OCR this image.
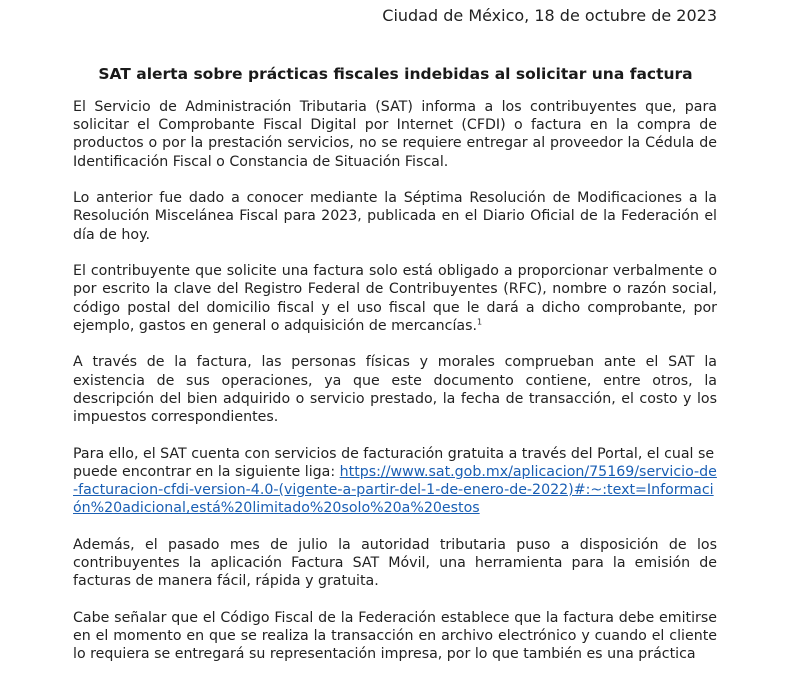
Ciudad de México, 18 de octubre de 2023
SAT alerta sobre prácticas fiscales indebidas al solicitar una factura

El Servicio de Administración Tributaria (SAT) informa a los contribuyentes que, para solicitar el Comprobante Fiscal Digital por Internet (CFDI) o factura en la compra de productos o por la prestación servicios, no se requiere entregar al proveedor la Cédula de Identificación Fiscal o Constancia de Situación Fiscal.

Lo anterior fue dado a conocer mediante la Séptima Resolución de Modificaciones a la Resolución Miscelánea Fiscal para 2023, publicada en el Diario Oficial de la Federación el día de hoy.

El contribuyente que solicite una factura solo está obligado a proporcionar verbalmente o por escrito la clave del Registro Federal de Contribuyentes (RFC), nombre o razón social, código postal del domicilio fiscal y el uso fiscal que le dará a dicho comprobante, por ejemplo, gastos en general o adquisición de mercancías.$^1$

A través de la factura, las personas físicas y morales comprueban ante el SAT la existencia de sus operaciones, ya que este documento contiene, entre otros, la descripción del bien adquirido o servicio prestado, la fecha de transacción, el costo y los impuestos correspondientes.

Para ello, el SAT cuenta con servicios de facturación gratuita a través del Portal, el cual se puede encontrar en la siguiente liga: https://www.sat.gob.mx/aplicacion/75169/servicio-de-facturacion-cfdi-version-4.0-(vigente-a-partir-del-1-de-enero-de-2022)#:~:text=Información%20adicional,está%20limitado%20solo%20a%20estos

Además, el pasado mes de julio la autoridad tributaria puso a disposición de los contribuyentes la aplicación Factura SAT Móvil, una herramienta para la emisión de facturas de manera fácil, rápida y gratuita.

Cabe señalar que el Código Fiscal de la Federación establece que la factura debe emitirse en el momento en que se realiza la transacción en archivo electrónico y cuando el cliente lo requiera se entregará su representación impresa, por lo que también es una práctica
